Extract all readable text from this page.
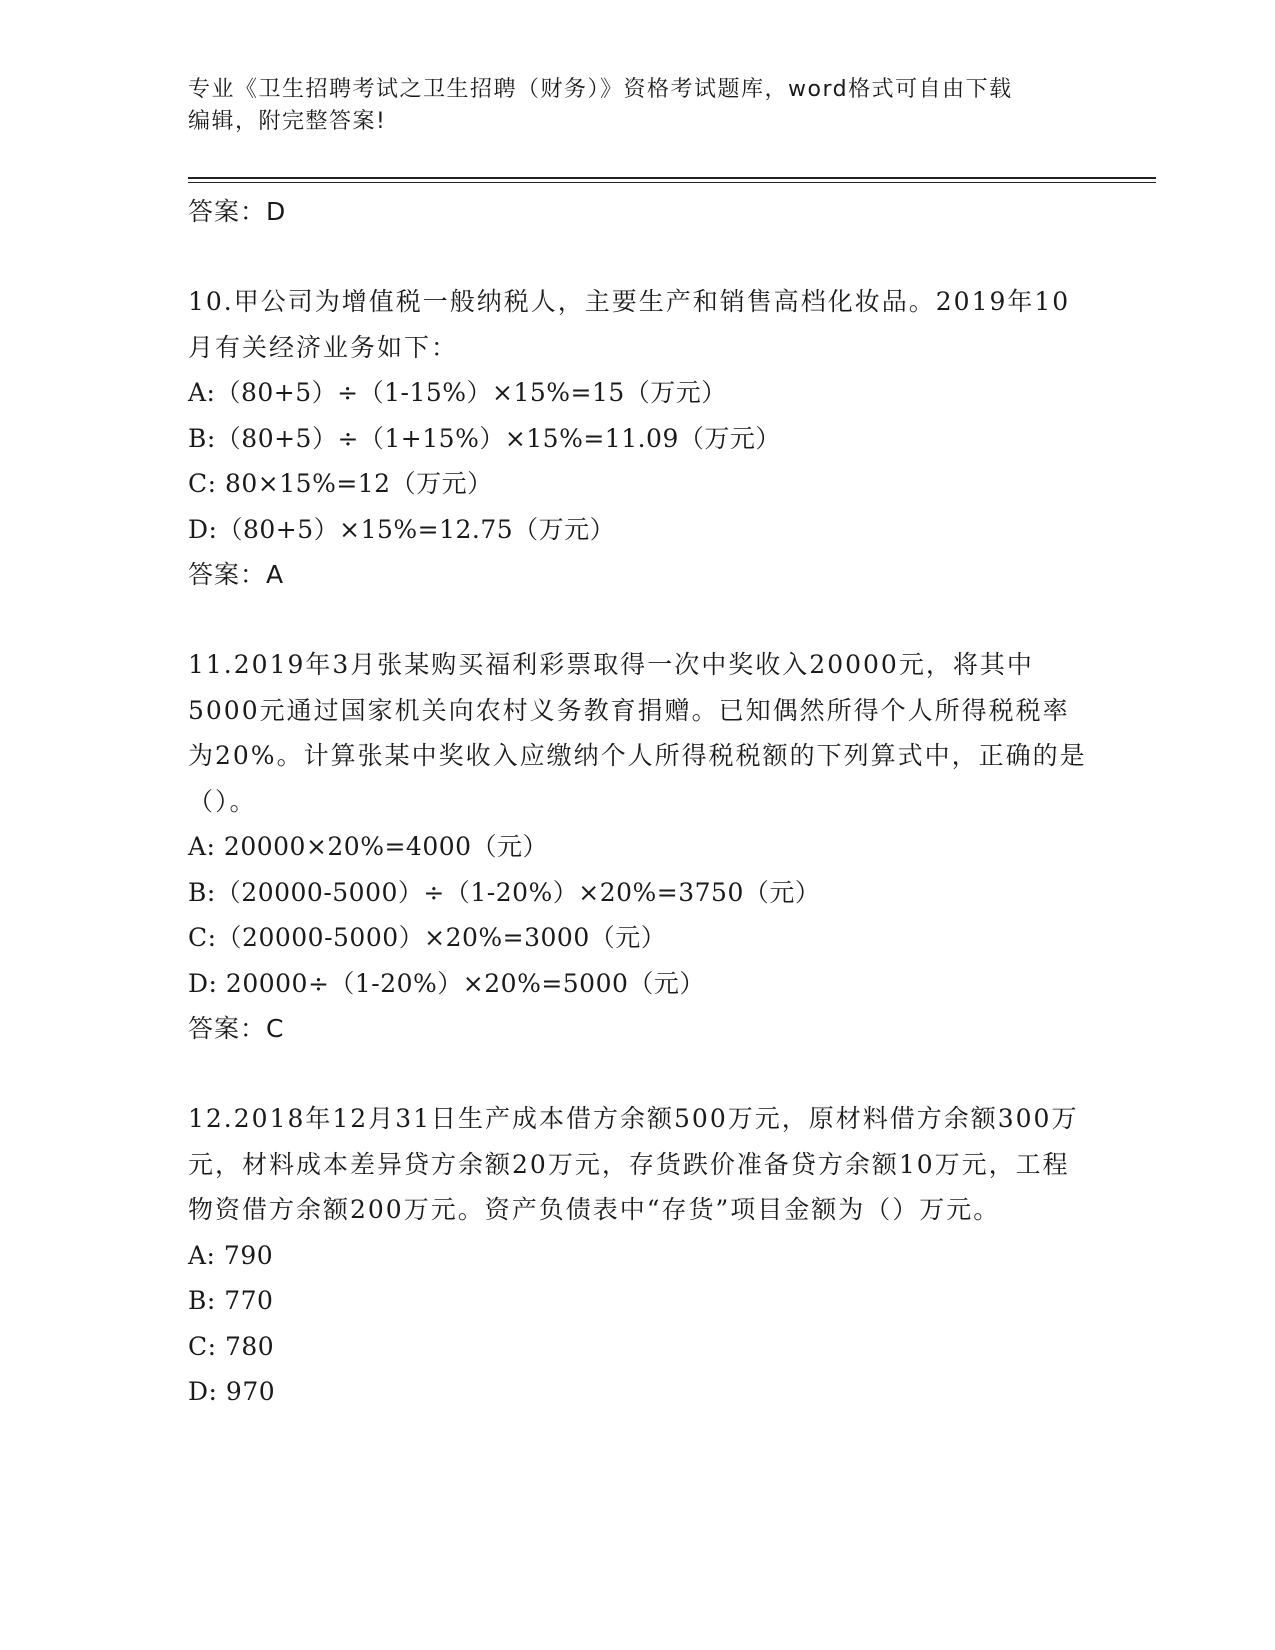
专业《卫生招聘考试之卫生招聘（财务）》资格考试题库，word格式可自由下载
编辑，附完整答案!
答案：D

10.甲公司为增值税一般纳税人，主要生产和销售高档化妆品。2019年10月有关经济业务如下：

A:（80+5）÷（1-15%）×15%=15（万元）
B:（80+5）÷（1+15%）×15%=11.09（万元）
C: 80×15%=12（万元）
D:（80+5）×15%=12.75（万元）
答案：A

11.2019年3月张某购买福利彩票取得一次中奖收入20000元，将其中5000元通过国家机关向农村义务教育捐赠。已知偶然所得个人所得税税率为20%。计算张某中奖收入应缴纳个人所得税税额的下列算式中，正确的是（）。

A: 20000×20%=4000（元）
B:（20000-5000）÷（1-20%）×20%=3750（元）
C:（20000-5000）×20%=3000（元）
D: 20000÷（1-20%）×20%=5000（元）
答案：C

12.2018年12月31日生产成本借方余额500万元，原材料借方余额300万元，材料成本差异贷方余额20万元，存货跌价准备贷方余额10万元，工程物资借方余额200万元。资产负债表中“存货”项目金额为（）万元。

A: 790
B: 770
C: 780
D: 970
